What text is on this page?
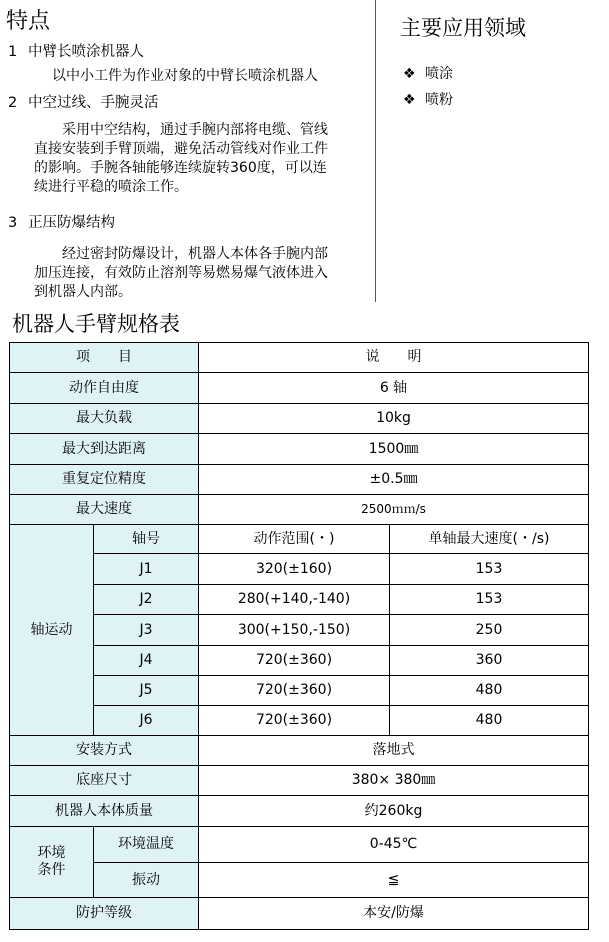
特点
1 中臂长喷涂机器人
　　　以中小工件为作业对象的中臂长喷涂机器人
2 中空过线、手腕灵活
　　采用中空结构，通过手腕内部将电缆、管线
直接安装到手臂顶端，避免活动管线对作业工件
的影响。手腕各轴能够连续旋转360度，可以连
续进行平稳的喷涂工作。
3 正压防爆结构
　　经过密封防爆设计，机器人本体各手腕内部
加压连接，有效防止溶剂等易燃易爆气液体进入
到机器人内部。
主要应用领域
❖ 喷涂
❖ 喷粉
机器人手臂规格表
项　　目		说　　明	
动作自由度		6 轴	
最大负载		10kg	
最大到达距离		1500㎜	
重复定位精度		±0.5㎜	
最大速度		2500ｍｍ/s	
轴运动	轴号	动作范围(・)	单轴最大速度(・/s)
	J1	320(±160)	153
	J2	280(+140,-140)	153
	J3	300(+150,-150)	250
	J4	720(±360)	360
	J5	720(±360)	480
	J6	720(±360)	480
安装方式		落地式	
底座尺寸		380× 380㎜	
机器人本体质量		约260kg	

环境
条件	环境温度	0-45℃	
	振动	≦	
防护等级		本安/防爆	
